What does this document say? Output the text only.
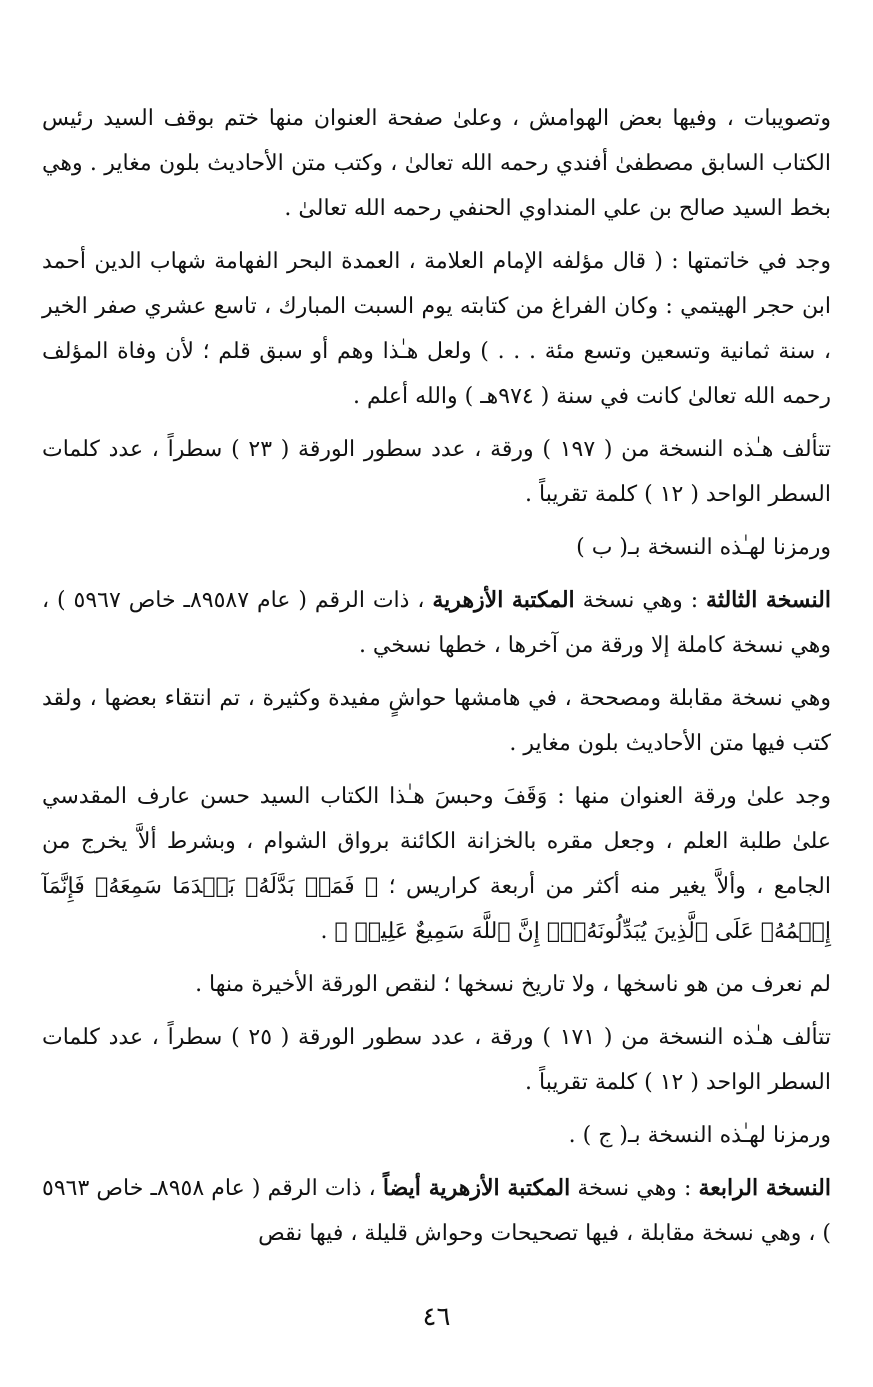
وتصويبات ، وفيها بعض الهوامش ، وعلىٰ صفحة العنوان منها ختم بوقف السيد رئيس الكتاب السابق مصطفىٰ أفندي رحمه الله تعالىٰ ، وكتب متن الأحاديث بلون مغاير . وهي بخط السيد صالح بن علي المنداوي الحنفي رحمه الله تعالىٰ .

وجد في خاتمتها : ( قال مؤلفه الإمام العلامة ، العمدة البحر الفهامة شهاب الدين أحمد ابن حجر الهيتمي : وكان الفراغ من كتابته يوم السبت المبارك ، تاسع عشري صفر الخير ، سنة ثمانية وتسعين وتسع مئة . . . ) ولعل هـٰذا وهم أو سبق قلم ؛ لأن وفاة المؤلف رحمه الله تعالىٰ كانت في سنة ( ٩٧٤هـ ) والله أعلم .

تتألف هـٰذه النسخة من ( ١٩٧ ) ورقة ، عدد سطور الورقة ( ٢٣ ) سطراً ، عدد كلمات السطر الواحد ( ١٢ ) كلمة تقريباً .

ورمزنا لهـٰذه النسخة بـ( ب )

النسخة الثالثة : وهي نسخة المكتبة الأزهرية ، ذات الرقم ( عام ٨٩٥٨٧ـ خاص ٥٩٦٧ ) ، وهي نسخة كاملة إلا ورقة من آخرها ، خطها نسخي .

وهي نسخة مقابلة ومصححة ، في هامشها حواشٍ مفيدة وكثيرة ، تم انتقاء بعضها ، ولقد كتب فيها متن الأحاديث بلون مغاير .

وجد علىٰ ورقة العنوان منها : وَقَفَ وحبسَ هـٰذا الكتاب السيد حسن عارف المقدسي علىٰ طلبة العلم ، وجعل مقره بالخزانة الكائنة برواق الشوام ، وبشرط ألاَّ يخرج من الجامع ، وألاَّ يغير منه أكثر من أربعة كراريس ؛ ﴿ فَمَنۢ بَدَّلَهُۥ بَعۡدَمَا سَمِعَهُۥ فَإِنَّمَآ إِثۡمُهُۥ عَلَى ٱلَّذِينَ يُبَدِّلُونَهُۥٓۚ إِنَّ ٱللَّهَ سَمِيعٌ عَلِيمٞ ﴾ .

لم نعرف من هو ناسخها ، ولا تاريخ نسخها ؛ لنقص الورقة الأخيرة منها .

تتألف هـٰذه النسخة من ( ١٧١ ) ورقة ، عدد سطور الورقة ( ٢٥ ) سطراً ، عدد كلمات السطر الواحد ( ١٢ ) كلمة تقريباً .

ورمزنا لهـٰذه النسخة بـ( ج ) .

النسخة الرابعة : وهي نسخة المكتبة الأزهرية أيضاً ، ذات الرقم ( عام ٨٩٥٨ـ خاص ٥٩٦٣ ) ، وهي نسخة مقابلة ، فيها تصحيحات وحواش قليلة ، فيها نقص

٤٦
